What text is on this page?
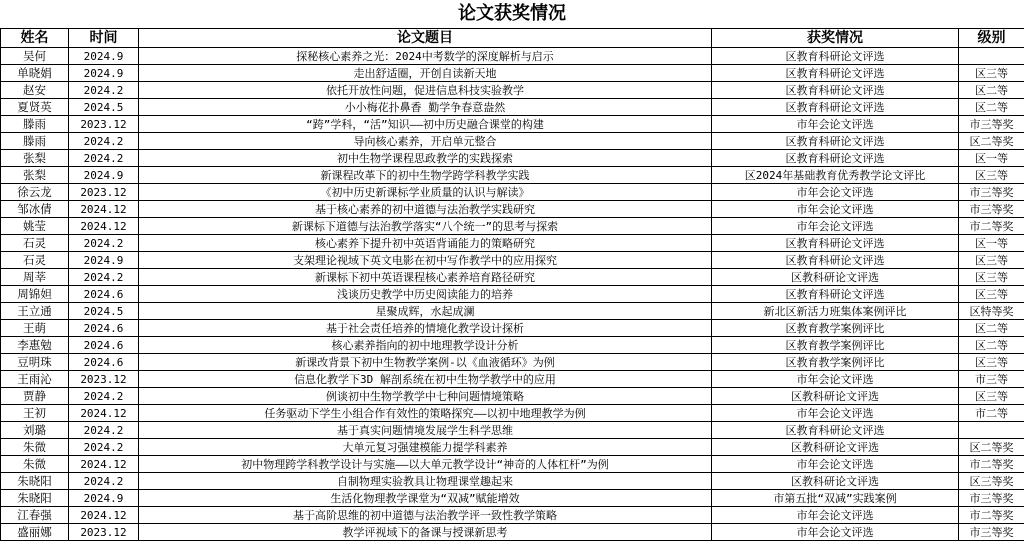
论文获奖情况
姓名	时间	论文题目	获奖情况	级别
吴何	2024.9	探秘核心素养之光：2024中考数学的深度解析与启示	区教育科研论文评选	
单晓娟	2024.9	走出舒适圈，开创自读新天地	区教育科研论文评选	区三等
赵安	2024.2	依托开放性问题，促进信息科技实验教学	区教育科研论文评选	区二等
夏贤英	2024.5	小小梅花扑鼻香 勤学争春意盎然	区教育科研论文评选	区二等
滕雨	2023.12	“跨”学科，“活”知识——初中历史融合课堂的构建	市年会论文评选	市三等奖
滕雨	2024.2	导向核心素养，开启单元整合	区教育科研论文评选	区二等奖
张梨	2024.2	初中生物学课程思政教学的实践探索	区教育科研论文评选	区一等
张梨	2024.9	新课程改革下的初中生物学跨学科教学实践	区2024年基础教育优秀教学论文评比	区三等
徐云龙	2023.12	《初中历史新课标学业质量的认识与解读》	市年会论文评选	市三等奖
邹冰倩	2024.12	基于核心素养的初中道德与法治教学实践研究	市年会论文评选	市三等奖
姚莹	2024.12	新课标下道德与法治教学落实“八个统一”的思考与探索	市年会论文评选	市二等奖
石灵	2024.2	核心素养下提升初中英语背诵能力的策略研究	区教育科研论文评选	区一等
石灵	2024.9	支架理论视域下英文电影在初中写作教学中的应用探究	区教育科研论文评选	区三等
周莘	2024.2	新课标下初中英语课程核心素养培育路径研究	区教科研论文评选	区三等
周锦妲	2024.6	浅谈历史教学中历史阅读能力的培养	区教育科研论文评选	区三等
王立通	2024.5	星聚成辉，水起成澜	新北区新活力班集体案例评比	区特等奖
王萌	2024.6	基于社会责任培养的情境化教学设计探析	区教育教学案例评比	区二等
李惠勉	2024.6	核心素养指向的初中地理教学设计分析	区教育教学案例评比	区二等
豆明珠	2024.6	新课改背景下初中生物教学案例-以《血液循环》为例	区教育教学案例评比	区三等
王雨沁	2023.12	信息化教学下3D 解剖系统在初中生物学教学中的应用	市年会论文评选	市三等
贾静	2024.2	例谈初中生物学教学中七种问题情境策略	区教科研论文评选	区三等
王初	2024.12	任务驱动下学生小组合作有效性的策略探究——以初中地理教学为例	市年会论文评选	市二等
刘璐	2024.2	基于真实问题情境发展学生科学思维	区教育科研论文评选	
朱微	2024.2	大单元复习强建模能力提学科素养	区教科研论文评选	区二等奖
朱微	2024.12	初中物理跨学科教学设计与实施——以大单元教学设计“神奇的人体杠杆”为例	市年会论文评选	市二等奖
朱晓阳	2024.2	自制物理实验教具让物理课堂趣起来	区教科研论文评选	区三等奖
朱晓阳	2024.9	生活化物理教学课堂为“双减”赋能增效	市第五批“双减”实践案例	市三等奖
江春强	2024.12	基于高阶思维的初中道德与法治教学评一致性教学策略	市年会论文评选	市二等奖
盛丽娜	2023.12	教学评视域下的备课与授课新思考	市年会论文评选	市三等奖
